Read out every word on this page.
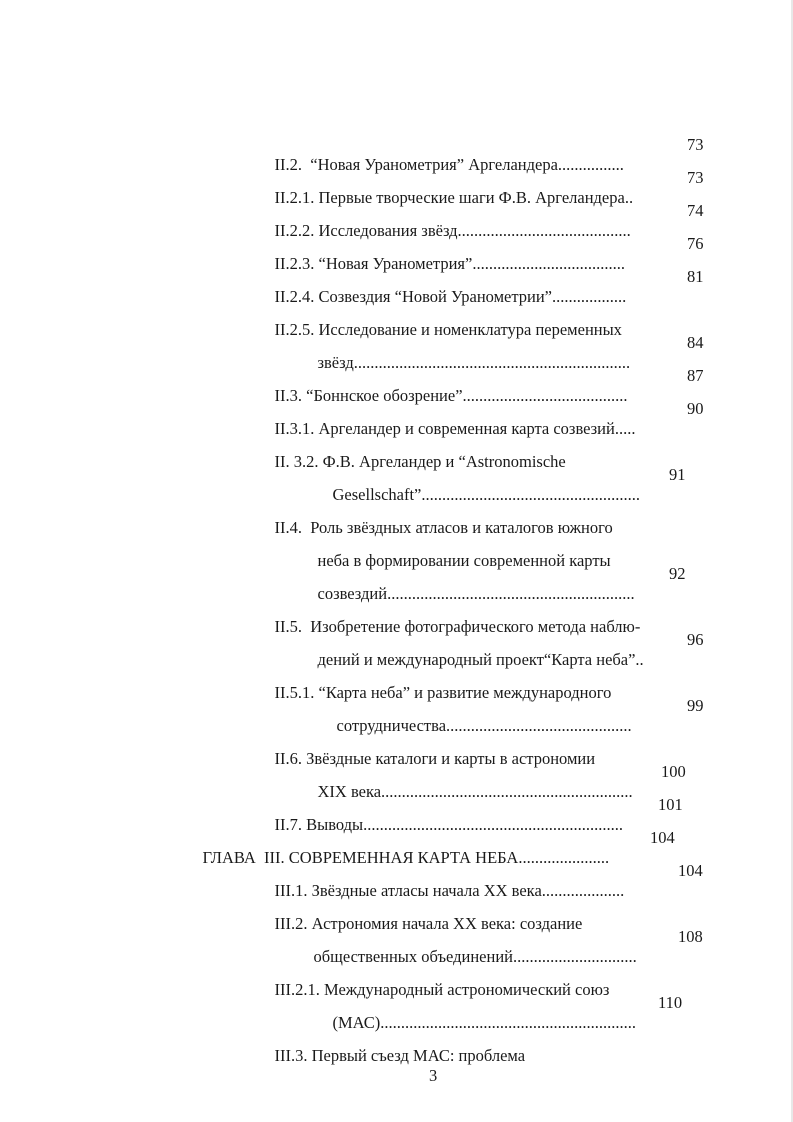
II.2.  “Новая Уранометрия” Аргеландера................

73

II.2.1. Первые творческие шаги Ф.В. Аргеландера..

73

II.2.2. Исследования звёзд..........................................

74

II.2.3. “Новая Уранометрия”.....................................

76

II.2.4. Созвездия “Новой Уранометрии”..................

81

II.2.5. Исследование и номенклатура переменных

звёзд...................................................................

84

II.3. “Боннское обозрение”........................................

87

II.3.1. Аргеландер и современная карта созвезий.....

90

II. 3.2. Ф.В. Аргеландер и “Astronomische

Gesellschaft”.....................................................

91

II.4.  Роль звёздных атласов и каталогов южного

неба в формировании современной карты

созвездий............................................................

92

II.5.  Изобретение фотографического метода наблю-

дений и международный проект“Карта неба”..

96

II.5.1. “Карта неба” и развитие международного

сотрудничества.............................................

99

II.6. Звёздные каталоги и карты в астрономии

XIX века.............................................................

100

II.7. Выводы...............................................................

101

ГЛАВА  III. СОВРЕМЕННАЯ КАРТА НЕБА......................

104

III.1. Звёздные атласы начала XX века....................

104

III.2. Астрономия начала XX века: создание

общественных объединений..............................

108

III.2.1. Международный астрономический союз

(МАС)..............................................................

110

III.3. Первый съезд МАС: проблема

3
